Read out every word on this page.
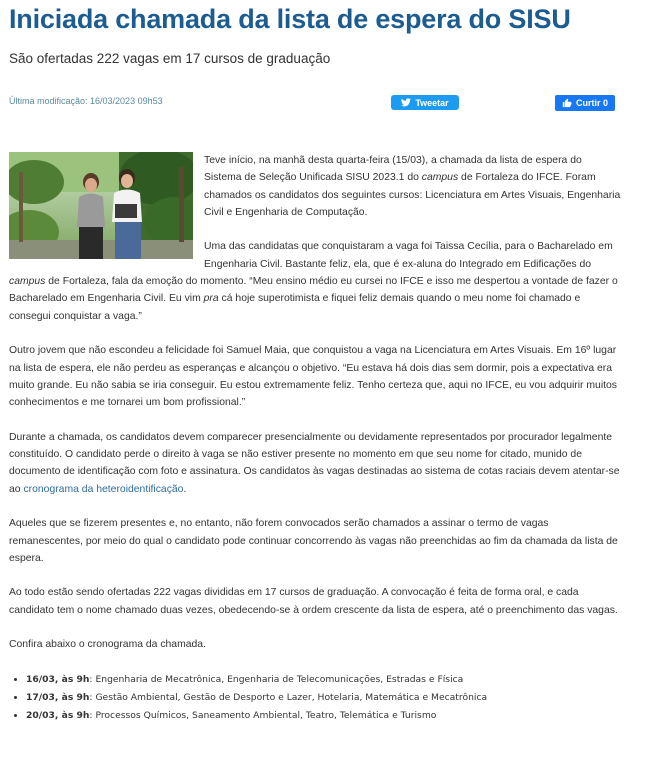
Iniciada chamada da lista de espera do SISU

São ofertadas 222 vagas em 17 cursos de graduação

Última modificação: 16/03/2023 09h53	Tweetar	Curtir 0

Teve início, na manhã desta quarta-feira (15/03), a chamada da lista de espera do Sistema de Seleção Unificada SISU 2023.1 do campus de Fortaleza do IFCE. Foram chamados os candidatos dos seguintes cursos: Licenciatura em Artes Visuais, Engenharia Civil e Engenharia de Computação.

Uma das candidatas que conquistaram a vaga foi Taissa Cecília, para o Bacharelado em Engenharia Civil. Bastante feliz, ela, que é ex-aluna do Integrado em Edificações do campus de Fortaleza, fala da emoção do momento. “Meu ensino médio eu cursei no IFCE e isso me despertou a vontade de fazer o Bacharelado em Engenharia Civil. Eu vim pra cá hoje superotimista e fiquei feliz demais quando o meu nome foi chamado e consegui conquistar a vaga.”

Outro jovem que não escondeu a felicidade foi Samuel Maia, que conquistou a vaga na Licenciatura em Artes Visuais. Em 16º lugar na lista de espera, ele não perdeu as esperanças e alcançou o objetivo. “Eu estava há dois dias sem dormir, pois a expectativa era muito grande. Eu não sabia se iria conseguir. Eu estou extremamente feliz. Tenho certeza que, aqui no IFCE, eu vou adquirir muitos conhecimentos e me tornarei um bom profissional.”

Durante a chamada, os candidatos devem comparecer presencialmente ou devidamente representados por procurador legalmente constituído. O candidato perde o direito à vaga se não estiver presente no momento em que seu nome for citado, munido de documento de identificação com foto e assinatura. Os candidatos às vagas destinadas ao sistema de cotas raciais devem atentar-se ao cronograma da heteroidentificação.

Aqueles que se fizerem presentes e, no entanto, não forem convocados serão chamados a assinar o termo de vagas remanescentes, por meio do qual o candidato pode continuar concorrendo às vagas não preenchidas ao fim da chamada da lista de espera.

Ao todo estão sendo ofertadas 222 vagas divididas em 17 cursos de graduação. A convocação é feita de forma oral, e cada candidato tem o nome chamado duas vezes, obedecendo-se à ordem crescente da lista de espera, até o preenchimento das vagas.

Confira abaixo o cronograma da chamada.

• 16/03, às 9h: Engenharia de Mecatrônica, Engenharia de Telecomunicações, Estradas e Física
• 17/03, às 9h: Gestão Ambiental, Gestão de Desporto e Lazer, Hotelaria, Matemática e Mecatrônica
• 20/03, às 9h: Processos Químicos, Saneamento Ambiental, Teatro, Telemática e Turismo
